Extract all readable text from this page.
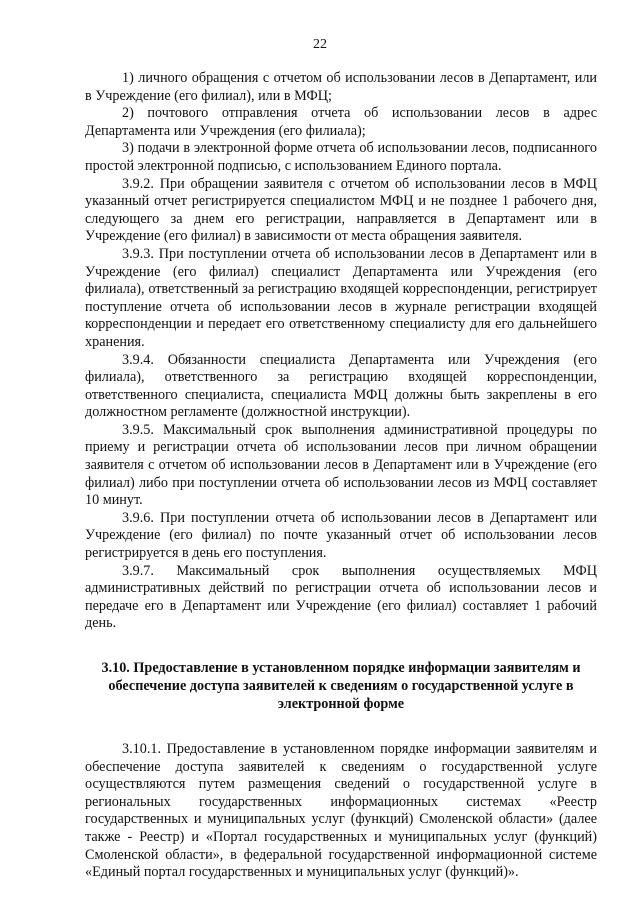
22

1) личного обращения с отчетом об использовании лесов в Департамент, или в Учреждение (его филиал), или в МФЦ;

2) почтового отправления отчета об использовании лесов в адрес Департамента или Учреждения (его филиала);

3) подачи в электронной форме отчета об использовании лесов, подписанного простой электронной подписью, с использованием Единого портала.

3.9.2. При обращении заявителя с отчетом об использовании лесов в МФЦ указанный отчет регистрируется специалистом МФЦ и не позднее 1 рабочего дня, следующего за днем его регистрации, направляется в Департамент или в Учреждение (его филиал) в зависимости от места обращения заявителя.

3.9.3. При поступлении отчета об использовании лесов в Департамент или в Учреждение (его филиал) специалист Департамента или Учреждения (его филиала), ответственный за регистрацию входящей корреспонденции, регистрирует поступление отчета об использовании лесов в журнале регистрации входящей корреспонденции и передает его ответственному специалисту для его дальнейшего хранения.

3.9.4. Обязанности специалиста Департамента или Учреждения (его филиала), ответственного за регистрацию входящей корреспонденции, ответственного специалиста, специалиста МФЦ должны быть закреплены в его должностном регламенте (должностной инструкции).

3.9.5. Максимальный срок выполнения административной процедуры по приему и регистрации отчета об использовании лесов при личном обращении заявителя с отчетом об использовании лесов в Департамент или в Учреждение (его филиал) либо при поступлении отчета об использовании лесов из МФЦ составляет 10 минут.

3.9.6. При поступлении отчета об использовании лесов в Департамент или Учреждение (его филиал) по почте указанный отчет об использовании лесов регистрируется в день его поступления.

3.9.7. Максимальный срок выполнения осуществляемых МФЦ административных действий по регистрации отчета об использовании лесов и передаче его в Департамент или Учреждение (его филиал) составляет 1 рабочий день.

3.10. Предоставление в установленном порядке информации заявителям и обеспечение доступа заявителей к сведениям о государственной услуге в электронной форме

3.10.1. Предоставление в установленном порядке информации заявителям и обеспечение доступа заявителей к сведениям о государственной услуге осуществляются путем размещения сведений о государственной услуге в региональных государственных информационных системах «Реестр государственных и муниципальных услуг (функций) Смоленской области» (далее также - Реестр) и «Портал государственных и муниципальных услуг (функций) Смоленской области», в федеральной государственной информационной системе «Единый портал государственных и муниципальных услуг (функций)».
